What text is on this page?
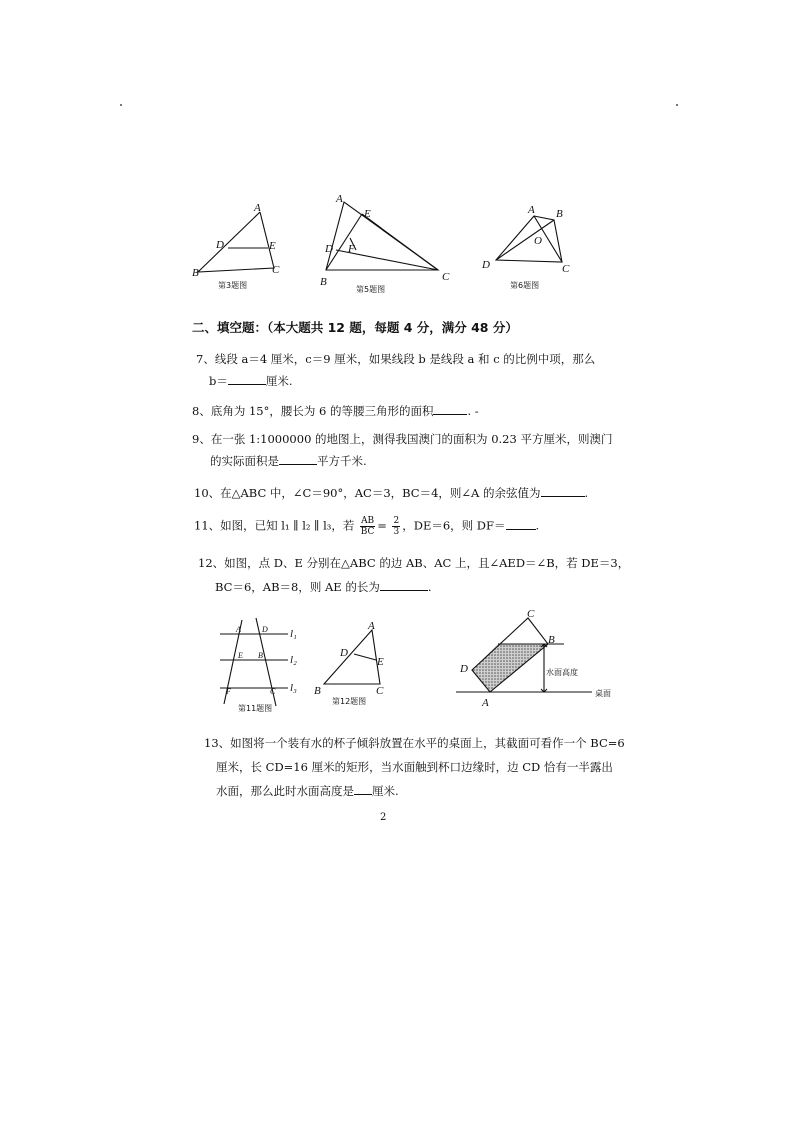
A
D	E
B	C
第3题图
A
E
D F
B	C
第5题图
A B
O
D	C
第6题图
二、填空题：（本大题共 12 题，每题 4 分，满分 48 分）
7、线段 a＝4 厘米，c＝9 厘米，如果线段 b 是线段 a 和 c 的比例中项，那么
b＝	厘米.
8、底角为 15°，腰长为 6 的等腰三角形的面积	. -
9、在一张 1:1000000 的地图上，测得我国澳门的面积为 0.23 平方厘米，则澳门
的实际面积是	平方千米.
10、在△ABC 中，∠C＝90°，AC＝3，BC＝4，则∠A 的余弦值为	.
11、如图，已知 l₁ ∥ l₂ ∥ l₃，若 $\frac{AB}{BC} = \frac{2}{3}$ ，DE＝6，则 DF＝	.
12、如图，点 D、E 分别在△ABC 的边 AB、AC 上，且∠AED＝∠B，若 DE＝3，
BC＝6，AB＝8，则 AE 的长为	.
A	D l₁
E B l₂
F	C l₃
第11题图
A
D
E
B	C
第12题图
C
B
D
A
水面高度
桌面
13、如图将一个装有水的杯子倾斜放置在水平的桌面上，其截面可看作一个 BC=6
厘米，长 CD=16 厘米的矩形，当水面触到杯口边缘时，边 CD 恰有一半露出
水面，那么此时水面高度是 厘米.
2
